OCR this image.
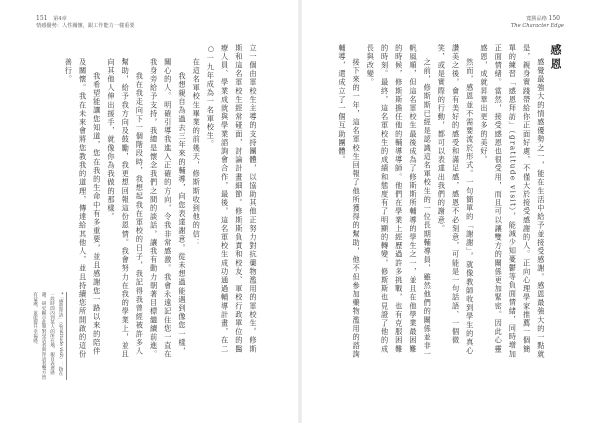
151 第4章
情感優勢：人性關懷，跟工作能力一樣重要

立一個由軍校生主導的支持團體，以協助其他正努力對抗藥物濫用的軍校生。修斯斯和這名軍校生經常碰面，討論計畫細節。修斯斯負責和校友、軍校行政單位的醫療人員、學業成就與學業諮詢會合作，最後，這名軍校生成功通過輔導計畫，在二○一九年成為一名軍校生。

在這名軍校生畢業的前幾天，修斯斯收到他的信：

我想親自為過去三年來的輔導，向您表達謝意。從未想過能遇到像您一樣，關心的人。明確引導我進入正確的方向，令我非常感激。我會永遠記住您一直在我身旁給予支持，我總是懷念我們之間的談話，讓我有動力朝著目標繼續前進。

我在我走向下一個階段時，我想起我在軍校的日子，我記得我曾經被許多人幫助，給予我方向及鼓勵，我更想回報這份恩情。我會努力在我的學業上，並且向其他人伸出援手，就像你為我做的那樣。

我希望能讓您知道，您在我的生命中有多重要，並且感謝您一路以來的陪伴及關懷。我在未來會將您教我的道理，傳達給其他人，並且持續您所開啟的這份善行。

*「感恩拜訪」（gratitude visit）：指在一段時間內到某人的所在地，親自表達感謝。研究顯示此舉對受訪者與拜訪者雙方皆有益處，並能提升幸福感。
寬勝品格 150
The Character Edge
感恩

感覺最強大的情感優勢之一，能在生活中給予並接受感謝。感恩最強大的一點就是，親身實踐帶給你正面好處，不僅大於接受感謝的人。正向心理學家推薦一個簡單的練習「感恩拜訪」（gratitude visit），能減少知憂鬱等負面情緒，同時增加正面情緒。當然，接受感恩也很受用，而且可以讓雙方的關係更加緊密。因此心靈感恩，成就昇華出更多的美好。

然而，感恩並不需要流於形式。一句簡單的「謝謝」，就像教師收到學生的真心讚美之後，會有美好的感受和滿足感，感恩不必刻意，可能是一句話語、一個微笑，或是實際的行動，都可以表達出我們的謝意。

之前，修斯斯已經是認識這名軍校生的一位長期輔導員，雖然他們的關係並非一帆風順，但這名軍校生最後成為了修斯斯所輔導的學生之一，並且在他學業最困難的時候，修斯斯擔任他的輔導導師。他們在學業上經歷過許多挑戰，也有克服困難的時刻。最終，這名軍校生的成績和態度有了明顯的轉變，修斯斯也見證了他的成長與改變。

接下來的一年，這名軍校生回報了他所獲得的幫助，他不但參加藥物濫用的諮詢輔導，還成立了一個互助團體。
